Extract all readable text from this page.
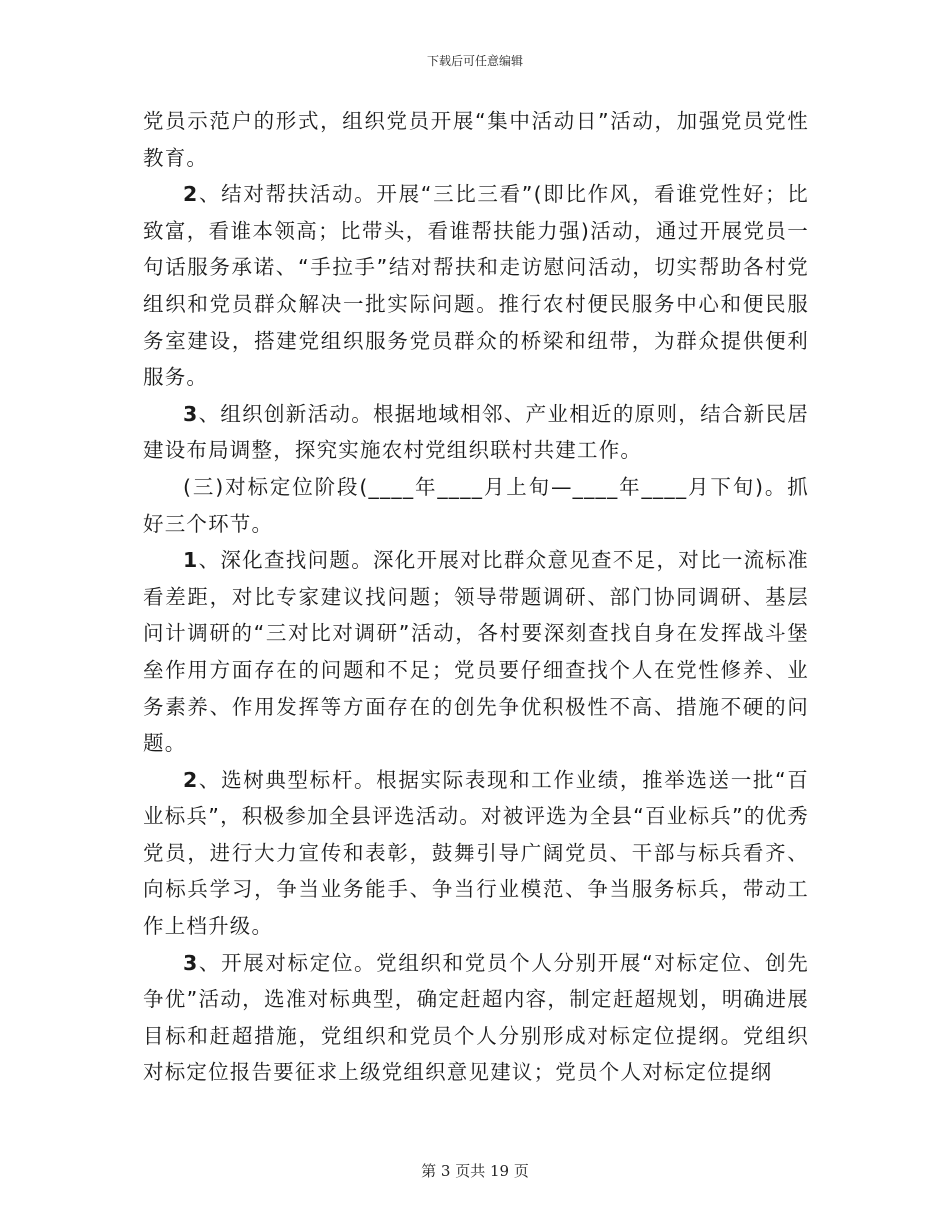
下载后可任意编辑

党员示范户的形式，组织党员开展“集中活动日”活动，加强党员党性教育。

2、结对帮扶活动。开展“三比三看”(即比作风，看谁党性好；比致富，看谁本领高；比带头，看谁帮扶能力强)活动，通过开展党员一句话服务承诺、“手拉手”结对帮扶和走访慰问活动，切实帮助各村党组织和党员群众解决一批实际问题。推行农村便民服务中心和便民服务室建设，搭建党组织服务党员群众的桥梁和纽带，为群众提供便利服务。

3、组织创新活动。根据地域相邻、产业相近的原则，结合新民居建设布局调整，探究实施农村党组织联村共建工作。

(三)对标定位阶段(____年____月上旬—____年____月下旬)。抓好三个环节。

1、深化查找问题。深化开展对比群众意见查不足，对比一流标准看差距，对比专家建议找问题；领导带题调研、部门协同调研、基层问计调研的“三对比对调研”活动，各村要深刻查找自身在发挥战斗堡垒作用方面存在的问题和不足；党员要仔细查找个人在党性修养、业务素养、作用发挥等方面存在的创先争优积极性不高、措施不硬的问题。

2、选树典型标杆。根据实际表现和工作业绩，推举选送一批“百业标兵”，积极参加全县评选活动。对被评选为全县“百业标兵”的优秀党员，进行大力宣传和表彰，鼓舞引导广阔党员、干部与标兵看齐、向标兵学习，争当业务能手、争当行业模范、争当服务标兵，带动工作上档升级。

3、开展对标定位。党组织和党员个人分别开展“对标定位、创先争优”活动，选准对标典型，确定赶超内容，制定赶超规划，明确进展目标和赶超措施，党组织和党员个人分别形成对标定位提纲。党组织对标定位报告要征求上级党组织意见建议；党员个人对标定位提纲

第 3 页共 19 页
